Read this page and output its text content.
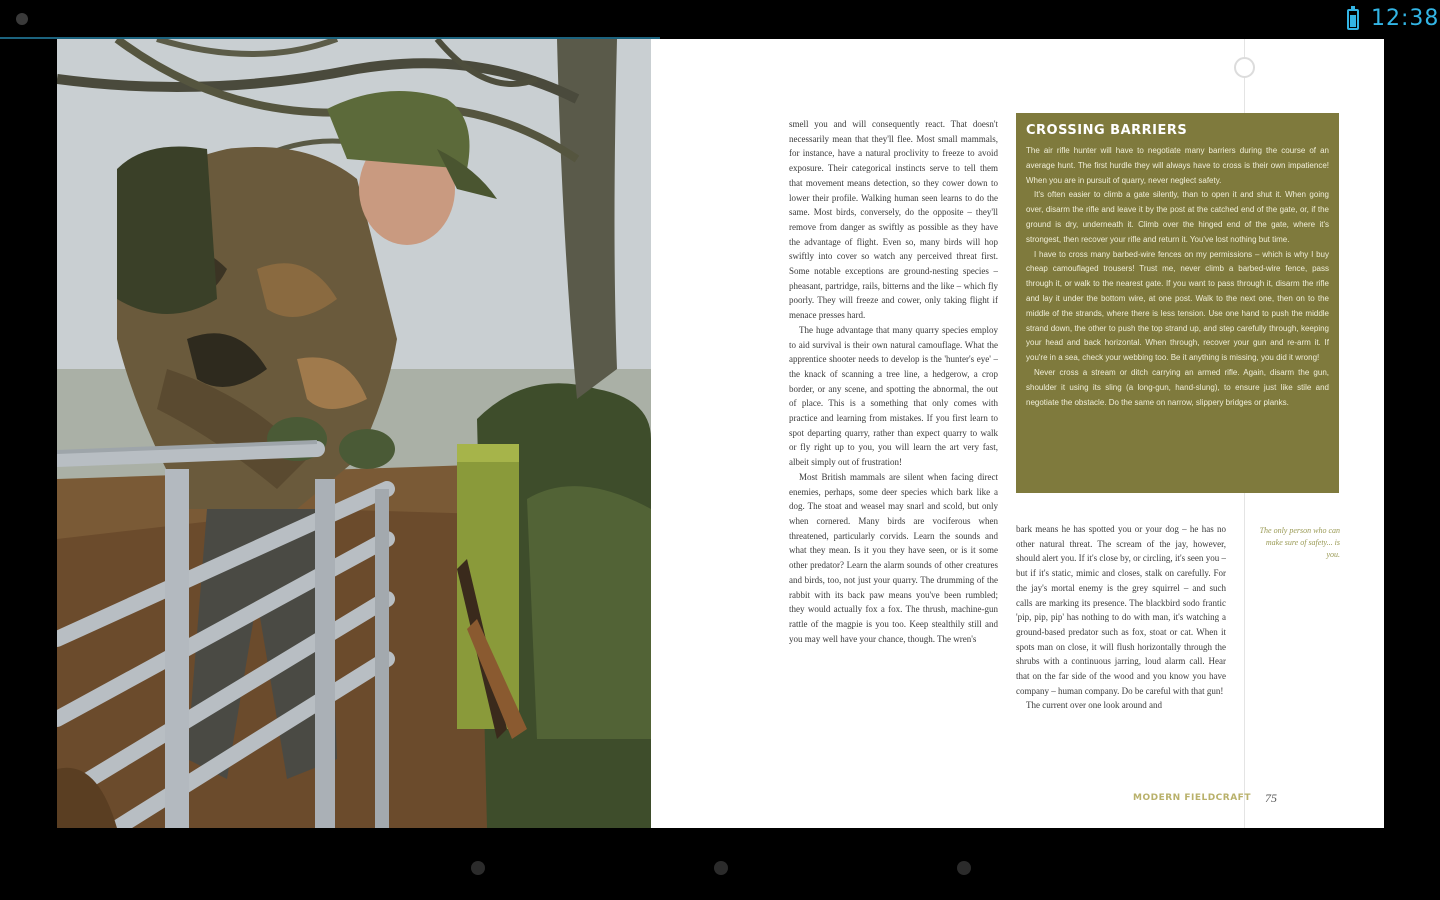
12:38

smell you and will consequently react. That doesn't necessarily mean that they'll flee. Most small mammals, for instance, have a natural proclivity to freeze to avoid exposure. Their categorical instincts serve to tell them that movement means detection, so they cower down to lower their profile. Walking human seen learns to do the same. Most birds, conversely, do the opposite – they'll remove from danger as swiftly as possible as they have the advantage of flight. Even so, many birds will hop swiftly into cover so watch any perceived threat first. Some notable exceptions are ground-nesting species – pheasant, partridge, rails, bitterns and the like – which fly poorly. They will freeze and cower, only taking flight if menace presses hard.

The huge advantage that many quarry species employ to aid survival is their own natural camouflage. What the apprentice shooter needs to develop is the 'hunter's eye' – the knack of scanning a tree line, a hedgerow, a crop border, or any scene, and spotting the abnormal, the out of place. This is a something that only comes with practice and learning from mistakes. If you first learn to spot departing quarry, rather than expect quarry to walk or fly right up to you, you will learn the art very fast, albeit simply out of frustration!

Most British mammals are silent when facing direct enemies, perhaps, some deer species which bark like a dog. The stoat and weasel may snarl and scold, but only when cornered. Many birds are vociferous when threatened, particularly corvids. Learn the sounds and what they mean. Is it you they have seen, or is it some other predator? Learn the alarm sounds of other creatures and birds, too, not just your quarry. The drumming of the rabbit with its back paw means you've been rumbled; they would actually fox a fox. The thrush, machine-gun rattle of the magpie is you too. Keep stealthily still and you may well have your chance, though. The wren's

CROSSING BARRIERS

The air rifle hunter will have to negotiate many barriers during the course of an average hunt. The first hurdle they will always have to cross is their own impatience! When you are in pursuit of quarry, never neglect safety.

It's often easier to climb a gate silently, than to open it and shut it. When going over, disarm the rifle and leave it by the post at the catched end of the gate, or, if the ground is dry, underneath it. Climb over the hinged end of the gate, where it's strongest, then recover your rifle and return it. You've lost nothing but time.

I have to cross many barbed-wire fences on my permissions – which is why I buy cheap camouflaged trousers! Trust me, never climb a barbed-wire fence, pass through it, or walk to the nearest gate. If you want to pass through it, disarm the rifle and lay it under the bottom wire, at one post. Walk to the next one, then on to the middle of the strands, where there is less tension. Use one hand to push the middle strand down, the other to push the top strand up, and step carefully through, keeping your head and back horizontal. When through, recover your gun and re-arm it. If you're in a sea, check your webbing too. Be it anything is missing, you did it wrong!

Never cross a stream or ditch carrying an armed rifle. Again, disarm the gun, shoulder it using its sling (a long-gun, hand-slung), to ensure just like stile and negotiate the obstacle. Do the same on narrow, slippery bridges or planks.

bark means he has spotted you or your dog – he has no other natural threat. The scream of the jay, however, should alert you. If it's close by, or circling, it's seen you – but if it's static, mimic and closes, stalk on carefully. For the jay's mortal enemy is the grey squirrel – and such calls are marking its presence. The blackbird sodo frantic 'pip, pip, pip' has nothing to do with man, it's watching a ground-based predator such as fox, stoat or cat. When it spots man on close, it will flush horizontally through the shrubs with a continuous jarring, loud alarm call. Hear that on the far side of the wood and you know you have company – human company. Do be careful with that gun!

The current over one look around and

The only person who can make sure of safety... is you.
MODERN FIELDCRAFT 75
